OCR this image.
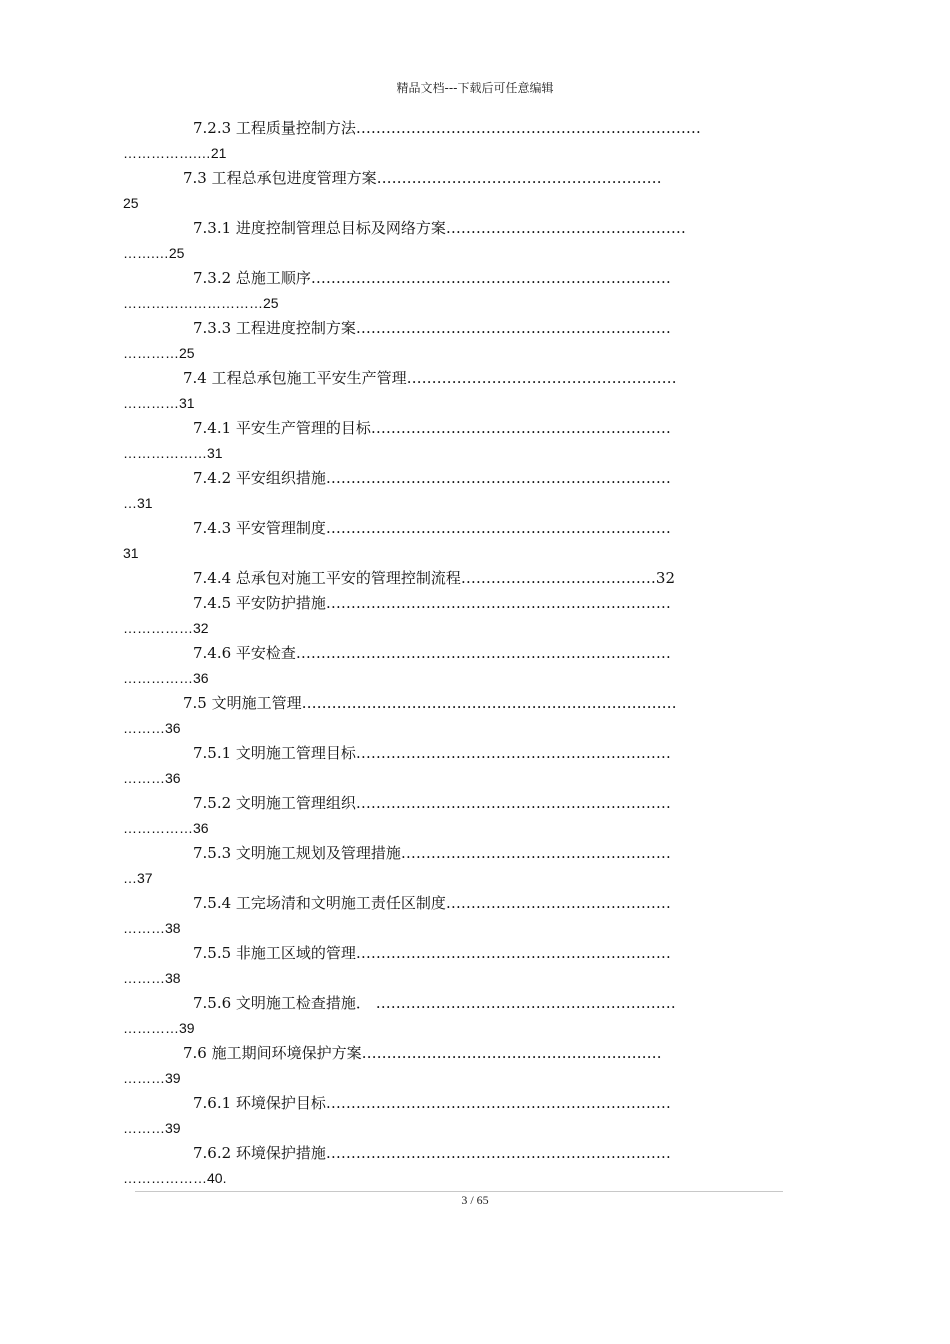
精品文档---下载后可任意编辑
7.2.3 工程质量控制方法……………………………………………………………
…………….…21
7.3 工程总承包进度管理方案…………………………………………………
25
7.3.1 进度控制管理总目标及网络方案…………………………………………
…….…25
7.3.2 总施工顺序………………………………………………………………
…………………………25
7.3.3 工程进度控制方案………………………………………………………
…………25
7.4 工程总承包施工平安生产管理………………………………………………
…………31
7.4.1 平安生产管理的目标……………………………………………………
………………31
7.4.2 平安组织措施……………………………………………………………
…31
7.4.3 平安管理制度……………………………………………………………
31
7.4.4 总承包对施工平安的管理控制流程…………………………………32
7.4.5 平安防护措施……………………………………………………………
……………32
7.4.6 平安检查…………………………………………………………………
……………36
7.5 文明施工管理…………………………………………………………………
………36
7.5.1 文明施工管理目标………………………………………………………
………36
7.5.2 文明施工管理组织………………………………………………………
……………36
7.5.3 文明施工规划及管理措施………………………………………………
…37
7.5.4 工完场清和文明施工责任区制度………………………………………
………38
7.5.5 非施工区域的管理………………………………………………………
………38
7.5.6 文明施工检查措施． ……………………………………………………
…………39
7.6 施工期间环境保护方案……………………………………………………
………39
7.6.1 环境保护目标……………………………………………………………
………39
7.6.2 环境保护措施……………………………………………………………
………………40.
3 / 65
